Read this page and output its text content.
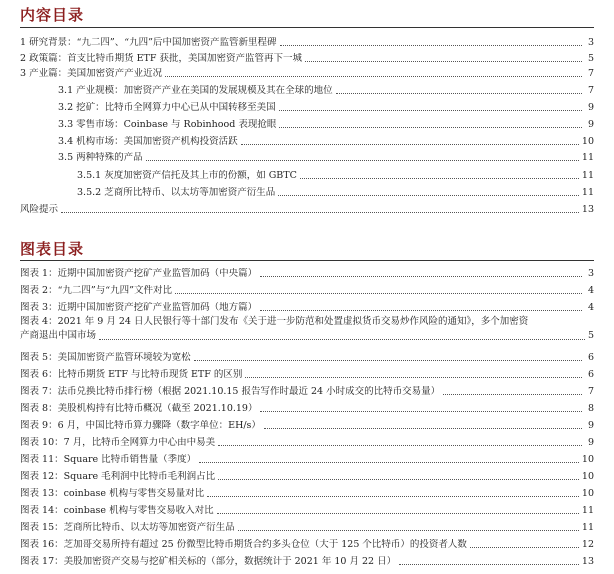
内容目录
1 研究背景：“九二四”、“九四”后中国加密资产监管新里程碑	3
2 政策篇：首支比特币期货 ETF 获批，美国加密资产监管再下一城	5
3 产业篇：美国加密资产产业近况	7
3.1 产业规模：加密资产产业在美国的发展规模及其在全球的地位	7
3.2 挖矿：比特币全网算力中心已从中国转移至美国	9
3.3 零售市场：Coinbase 与 Robinhood 表现抢眼	9
3.4 机构市场：美国加密资产机构投资活跃	10
3.5 两种特殊的产品	11
3.5.1 灰度加密资产信托及其上市的份额，如 GBTC	11
3.5.2 芝商所比特币、以太坊等加密资产衍生品	11
风险提示	13
图表目录
图表 1：近期中国加密资产挖矿产业监管加码（中央篇）	3
图表 2：“九二四”与“九四”文件对比	4
图表 3：近期中国加密资产挖矿产业监管加码（地方篇）	4
图表 4：2021 年 9 月 24 日人民银行等十部门发布《关于进一步防范和处置虚拟货币交易炒作风险的通知》，多个加密资
产商退出中国市场	5
图表 5：美国加密资产监管环境较为宽松	6
图表 6：比特币期货 ETF 与比特币现货 ETF 的区别	6
图表 7：法币兑换比特币排行榜（根据 2021.10.15 报告写作时最近 24 小时成交的比特币交易量）	7
图表 8：美股机构持有比特币概况（截至 2021.10.19）	8
图表 9：6 月，中国比特币算力骤降（数字单位：EH/s）	9
图表 10：7 月，比特币全网算力中心由中易美	9
图表 11：Square 比特币销售量（季度）	10
图表 12：Square 毛利润中比特币毛利润占比	10
图表 13：coinbase 机构与零售交易量对比	10
图表 14：coinbase 机构与零售交易收入对比	11
图表 15：芝商所比特币、以太坊等加密资产衍生品	11
图表 16：芝加哥交易所持有超过 25 份微型比特币期货合约多头仓位（大于 125 个比特币）的投资者人数	12
图表 17：美股加密资产交易与挖矿相关标的（部分，数据统计于 2021 年 10 月 22 日）	13
